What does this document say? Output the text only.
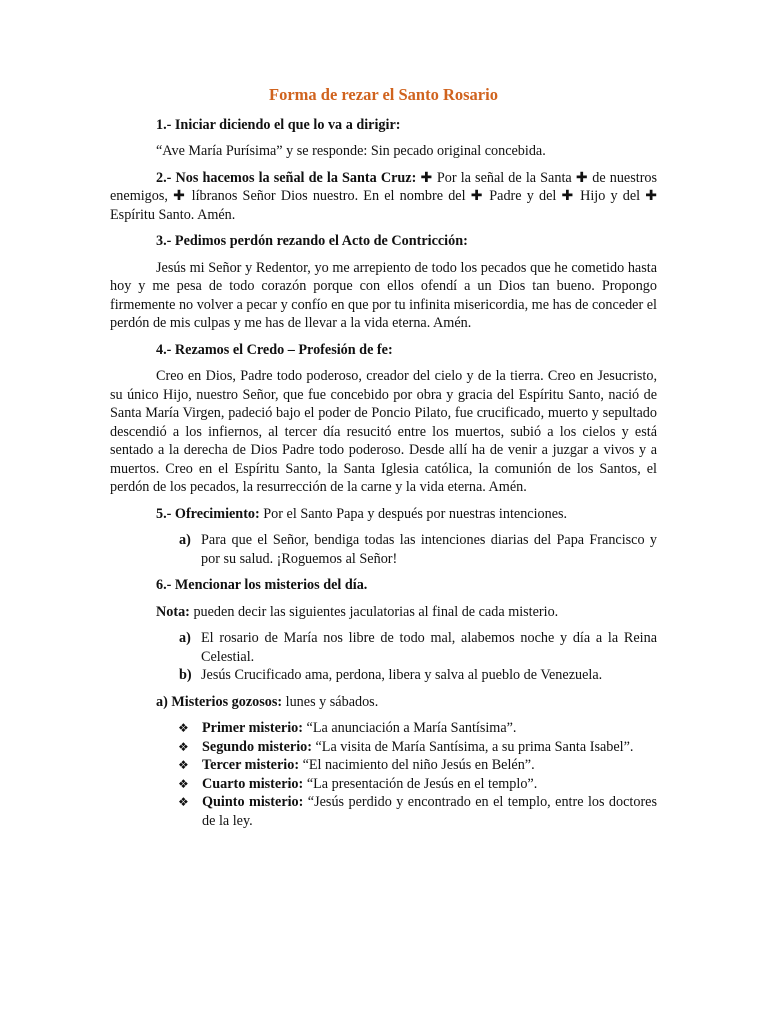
Forma de rezar el Santo Rosario

1.- Iniciar diciendo el que lo va a dirigir:

“Ave María Purísima” y se responde: Sin pecado original concebida.

2.- Nos hacemos la señal de la Santa Cruz: ✚ Por la señal de la Santa ✚ de nuestros enemigos, ✚ líbranos Señor Dios nuestro. En el nombre del ✚ Padre y del ✚ Hijo y del ✚ Espíritu Santo. Amén.

3.- Pedimos perdón rezando el Acto de Contricción:

Jesús mi Señor y Redentor, yo me arrepiento de todo los pecados que he cometido hasta hoy y me pesa de todo corazón porque con ellos ofendí a un Dios tan bueno. Propongo firmemente no volver a pecar y confío en que por tu infinita misericordia, me has de conceder el perdón de mis culpas y me has de llevar a la vida eterna. Amén.

4.- Rezamos el Credo – Profesión de fe:

Creo en Dios, Padre todo poderoso, creador del cielo y de la tierra. Creo en Jesucristo, su único Hijo, nuestro Señor, que fue concebido por obra y gracia del Espíritu Santo, nació de Santa María Virgen, padeció bajo el poder de Poncio Pilato, fue crucificado, muerto y sepultado descendió a los infiernos, al tercer día resucitó entre los muertos, subió a los cielos y está sentado a la derecha de Dios Padre todo poderoso. Desde allí ha de venir a juzgar a vivos y a muertos. Creo en el Espíritu Santo, la Santa Iglesia católica, la comunión de los Santos, el perdón de los pecados, la resurrección de la carne y la vida eterna. Amén.

5.- Ofrecimiento: Por el Santo Papa y después por nuestras intenciones.

a) Para que el Señor, bendiga todas las intenciones diarias del Papa Francisco y por su salud. ¡Roguemos al Señor!

6.- Mencionar los misterios del día.

Nota: pueden decir las siguientes jaculatorias al final de cada misterio.

a) El rosario de María nos libre de todo mal, alabemos noche y día a la Reina Celestial.
b) Jesús Crucificado ama, perdona, libera y salva al pueblo de Venezuela.

a) Misterios gozosos: lunes y sábados.

❖ Primer misterio: “La anunciación a María Santísima”.
❖ Segundo misterio: “La visita de María Santísima, a su prima Santa Isabel”.
❖ Tercer misterio: “El nacimiento del niño Jesús en Belén”.
❖ Cuarto misterio: “La presentación de Jesús en el templo”.
❖ Quinto misterio: “Jesús perdido y encontrado en el templo, entre los doctores de la ley.
